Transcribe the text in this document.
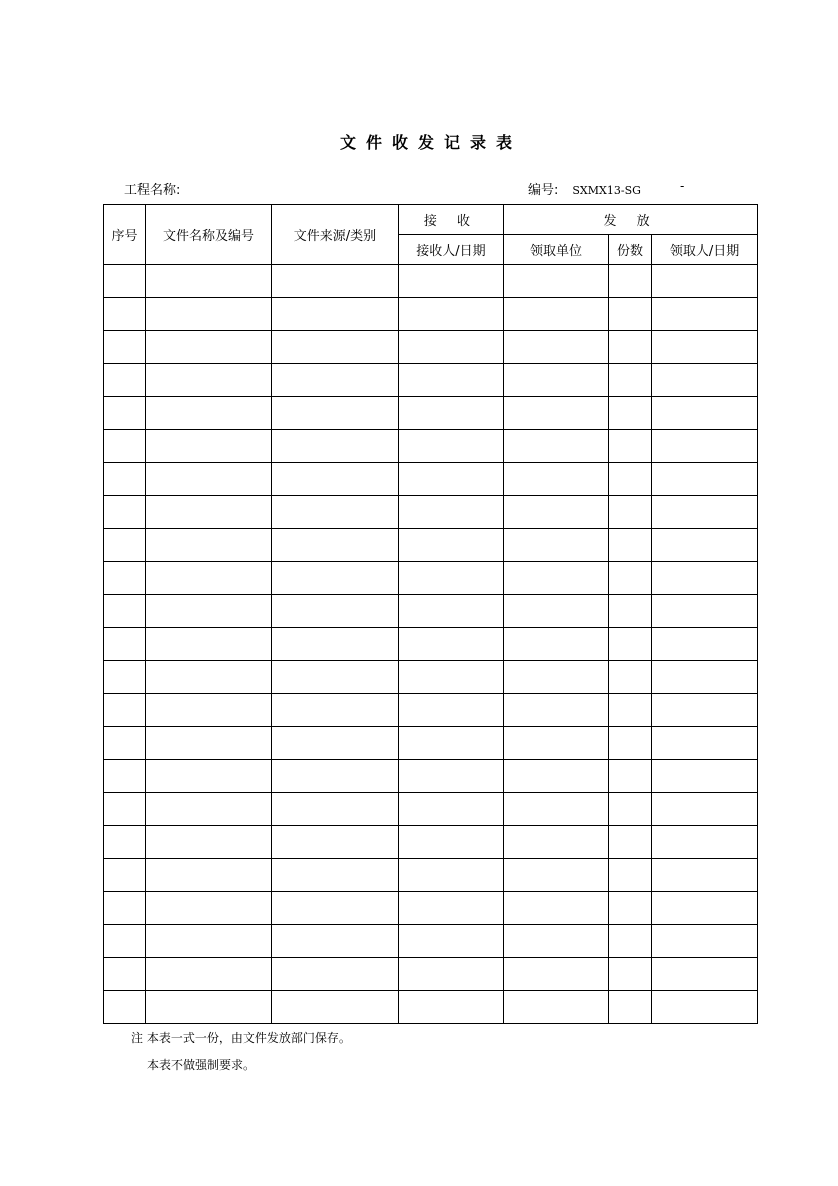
文件收发记录表
工程名称:	编号: SXMX13-SG	-
序号	文件名称及编号	文件来源/类别	接 收	发 放		
			接收人/日期	领取单位	份数	领取人/日期

注 本表一式一份，由文件发放部门保存。
本表不做强制要求。
